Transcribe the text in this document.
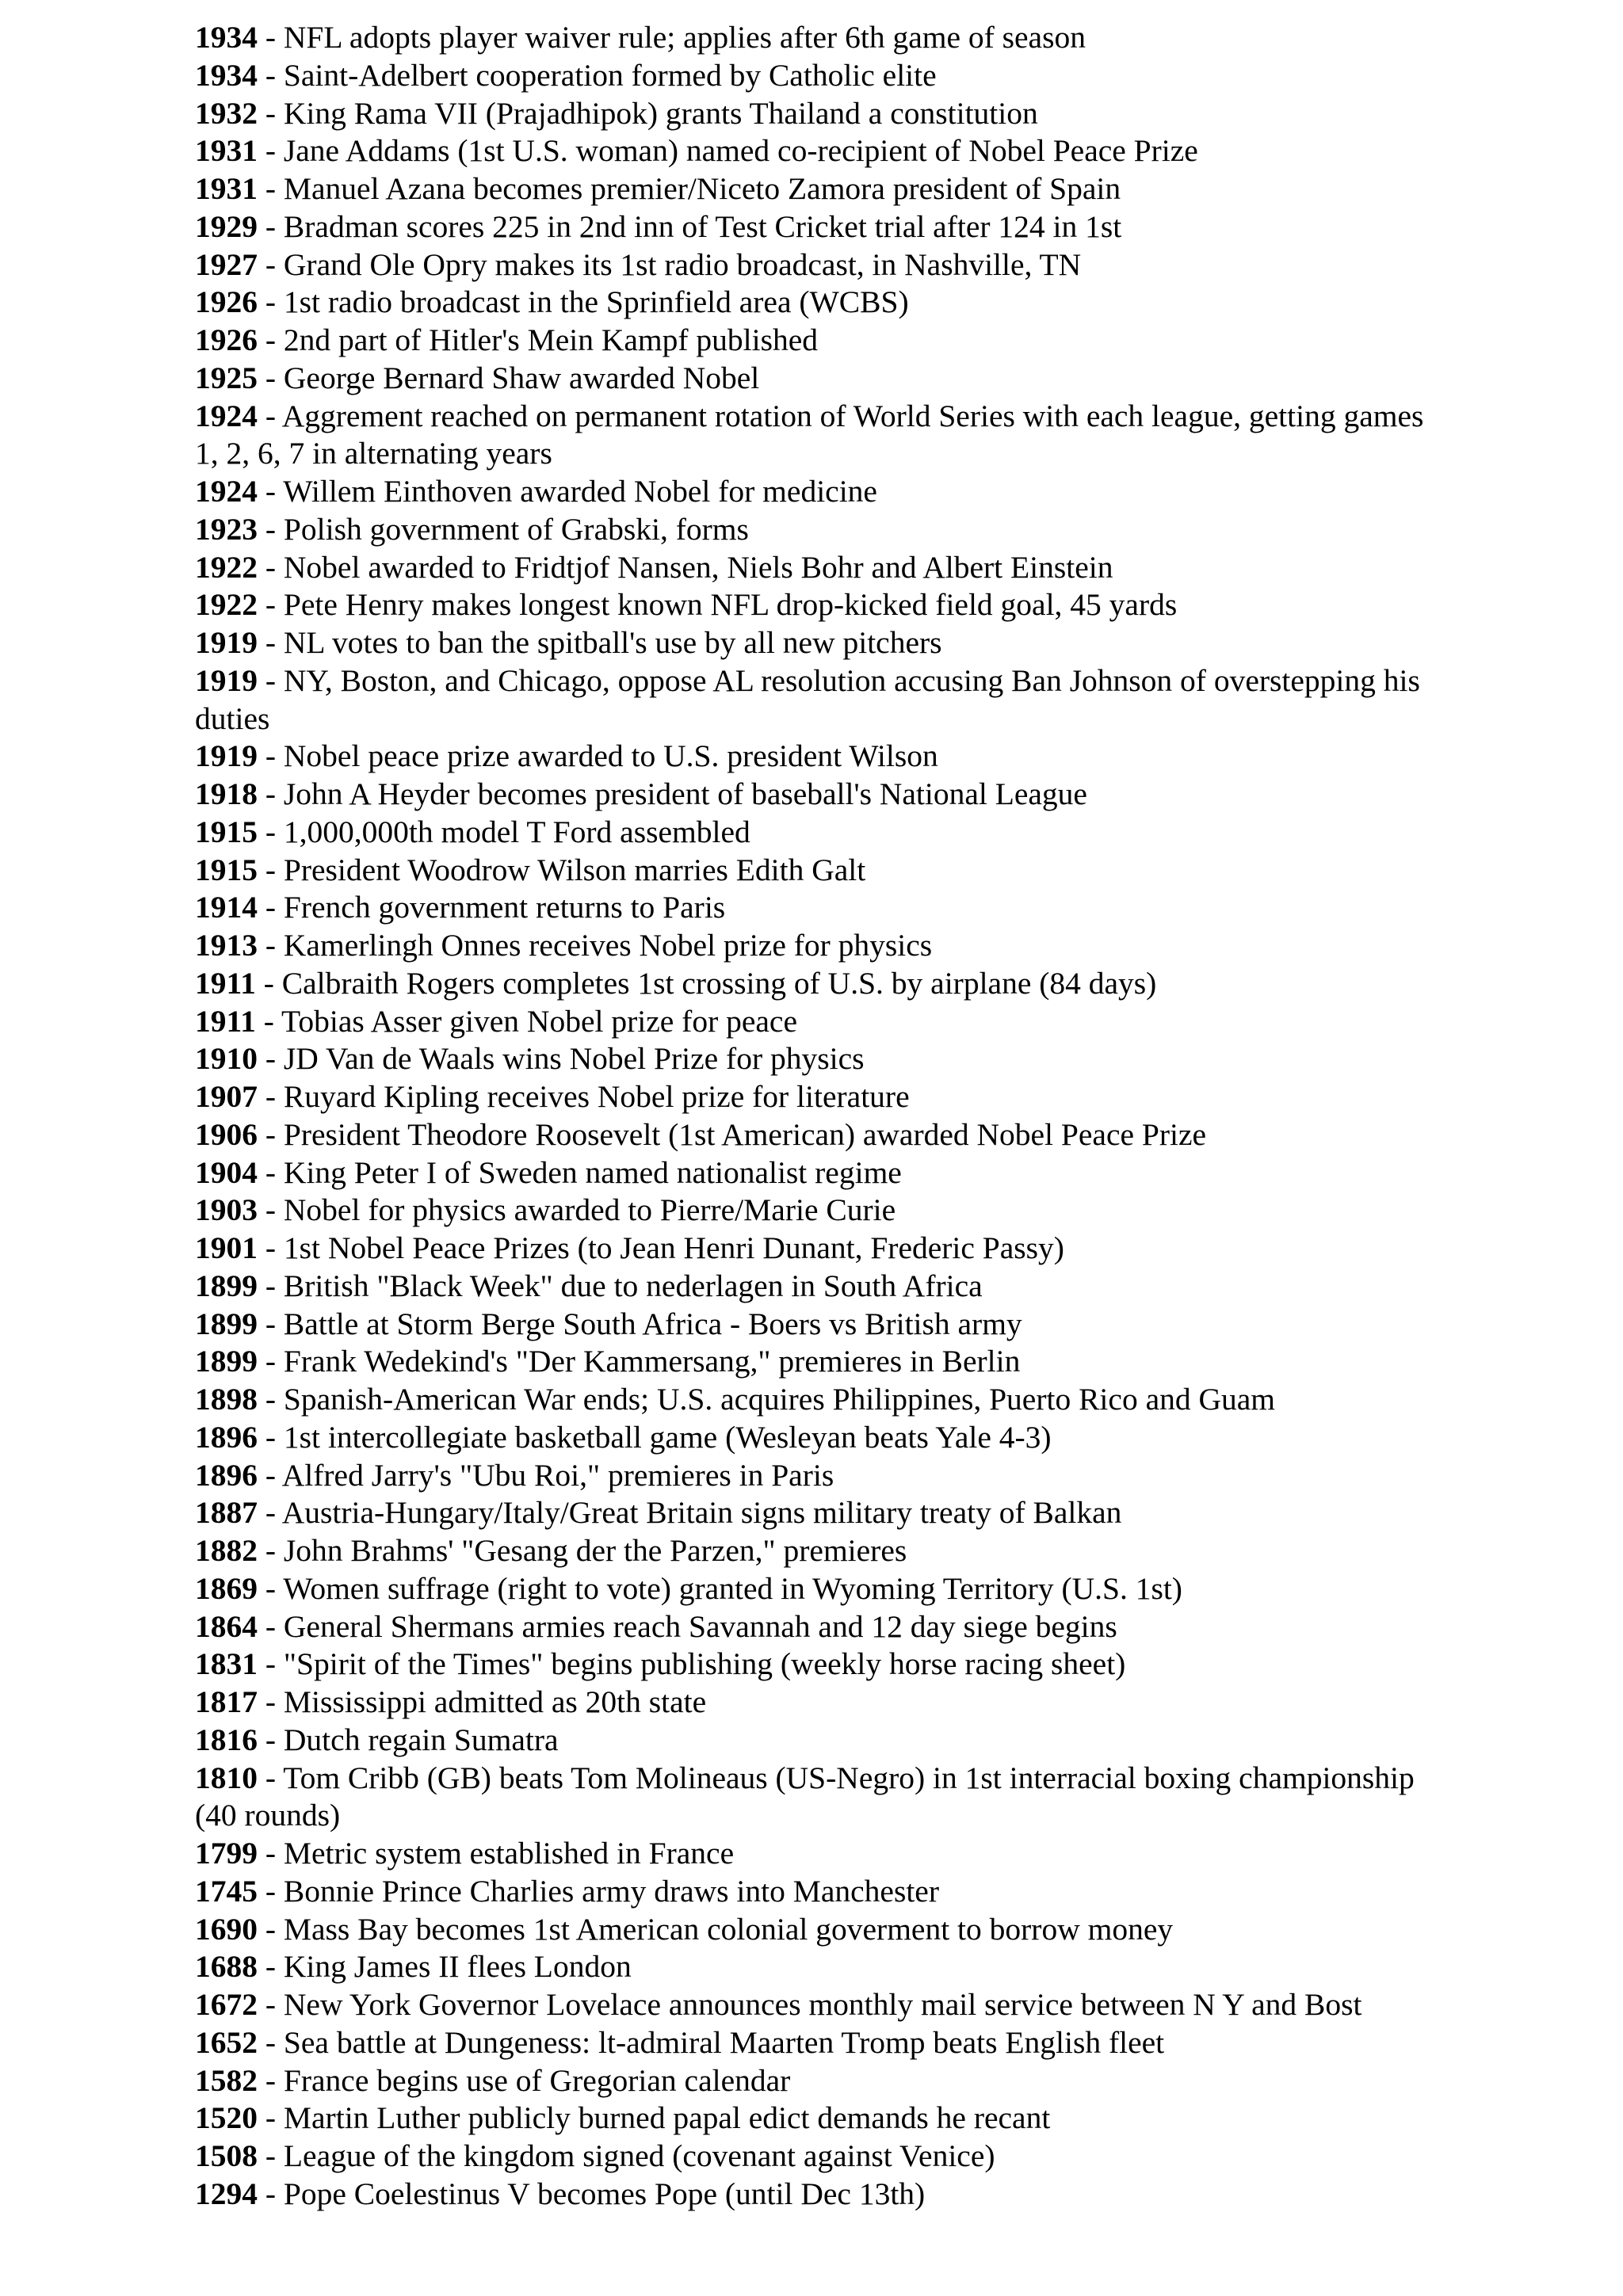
1934 - NFL adopts player waiver rule; applies after 6th game of season

1934 - Saint-Adelbert cooperation formed by Catholic elite

1932 - King Rama VII (Prajadhipok) grants Thailand a constitution

1931 - Jane Addams (1st U.S. woman) named co-recipient of Nobel Peace Prize

1931 - Manuel Azana becomes premier/Niceto Zamora president of Spain

1929 - Bradman scores 225 in 2nd inn of Test Cricket trial after 124 in 1st

1927 - Grand Ole Opry makes its 1st radio broadcast, in Nashville, TN

1926 - 1st radio broadcast in the Sprinfield area (WCBS)

1926 - 2nd part of Hitler's Mein Kampf published

1925 - George Bernard Shaw awarded Nobel

1924 - Aggrement reached on permanent rotation of World Series with each league, getting games 1, 2, 6, 7 in alternating years

1924 - Willem Einthoven awarded Nobel for medicine

1923 - Polish government of Grabski, forms

1922 - Nobel awarded to Fridtjof Nansen, Niels Bohr and Albert Einstein

1922 - Pete Henry makes longest known NFL drop-kicked field goal, 45 yards

1919 - NL votes to ban the spitball's use by all new pitchers

1919 - NY, Boston, and Chicago, oppose AL resolution accusing Ban Johnson of overstepping his duties

1919 - Nobel peace prize awarded to U.S. president Wilson

1918 - John A Heyder becomes president of baseball's National League

1915 - 1,000,000th model T Ford assembled

1915 - President Woodrow Wilson marries Edith Galt

1914 - French government returns to Paris

1913 - Kamerlingh Onnes receives Nobel prize for physics

1911 - Calbraith Rogers completes 1st crossing of U.S. by airplane (84 days)

1911 - Tobias Asser given Nobel prize for peace

1910 - JD Van de Waals wins Nobel Prize for physics

1907 - Ruyard Kipling receives Nobel prize for literature

1906 - President Theodore Roosevelt (1st American) awarded Nobel Peace Prize

1904 - King Peter I of Sweden named nationalist regime

1903 - Nobel for physics awarded to Pierre/Marie Curie

1901 - 1st Nobel Peace Prizes (to Jean Henri Dunant, Frederic Passy)

1899 - British "Black Week" due to nederlagen in South Africa

1899 - Battle at Storm Berge South Africa - Boers vs British army

1899 - Frank Wedekind's "Der Kammersang," premieres in Berlin

1898 - Spanish-American War ends; U.S. acquires Philippines, Puerto Rico and Guam

1896 - 1st intercollegiate basketball game (Wesleyan beats Yale 4-3)

1896 - Alfred Jarry's "Ubu Roi," premieres in Paris

1887 - Austria-Hungary/Italy/Great Britain signs military treaty of Balkan

1882 - John Brahms' "Gesang der the Parzen," premieres

1869 - Women suffrage (right to vote) granted in Wyoming Territory (U.S. 1st)

1864 - General Shermans armies reach Savannah and 12 day siege begins

1831 - "Spirit of the Times" begins publishing (weekly horse racing sheet)

1817 - Mississippi admitted as 20th state

1816 - Dutch regain Sumatra

1810 - Tom Cribb (GB) beats Tom Molineaus (US-Negro) in 1st interracial boxing championship (40 rounds)

1799 - Metric system established in France

1745 - Bonnie Prince Charlies army draws into Manchester

1690 - Mass Bay becomes 1st American colonial goverment to borrow money

1688 - King James II flees London

1672 - New York Governor Lovelace announces monthly mail service between N Y and Bost

1652 - Sea battle at Dungeness: lt-admiral Maarten Tromp beats English fleet

1582 - France begins use of Gregorian calendar

1520 - Martin Luther publicly burned papal edict demands he recant

1508 - League of the kingdom signed (covenant against Venice)

1294 - Pope Coelestinus V becomes Pope (until Dec 13th)
